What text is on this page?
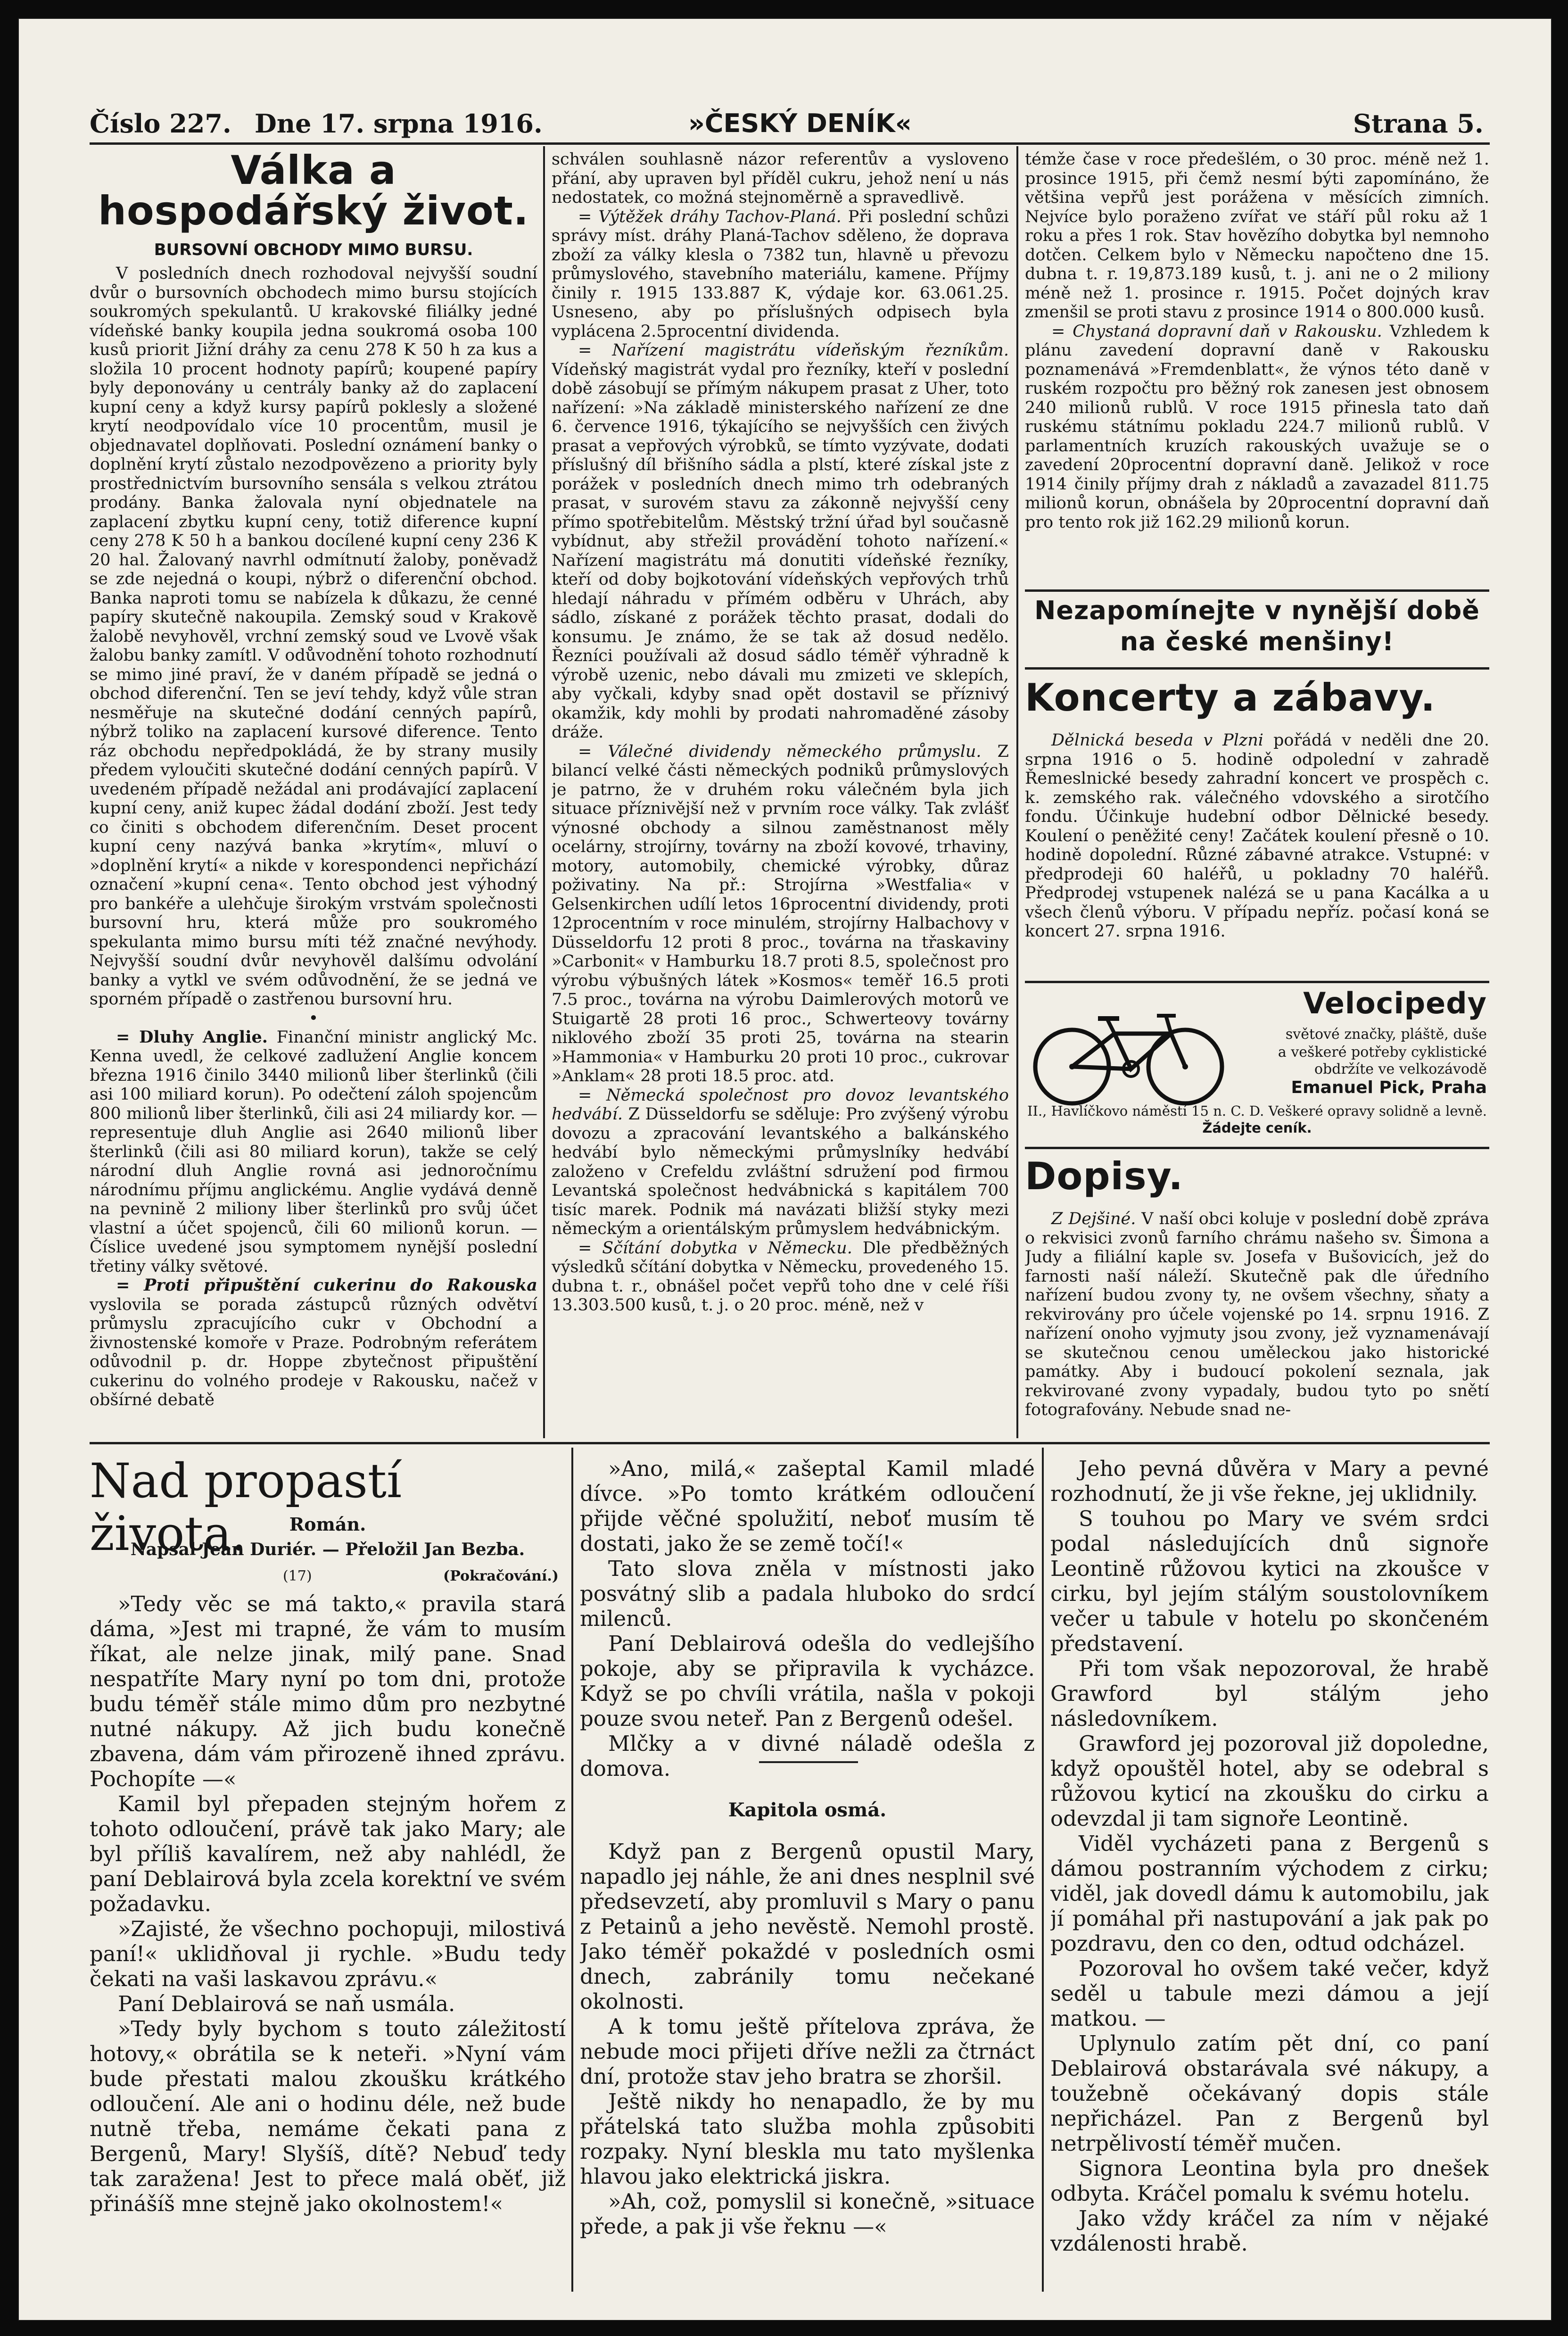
Číslo 227. Dne 17. srpna 1916.	»ČESKÝ DENÍK«	Strana 5.
Válka a hospodářský život.
BURSOVNÍ OBCHODY MIMO BURSU.

V posledních dnech rozhodoval nejvyšší soudní dvůr o bursovních obchodech mimo bursu stojících soukromých spekulantů. U krakovské filiálky jedné vídeňské banky koupila jedna soukromá osoba 100 kusů priorit Jižní dráhy za cenu 278 K 50 h za kus a složila 10 procent hodnoty papírů; koupené papíry byly deponovány u centrály banky až do zaplacení kupní ceny a když kursy papírů poklesly a složené krytí neodpovídalo více 10 procentům, musil je objednavatel doplňovati. Poslední oznámení banky o doplnění krytí zůstalo nezodpovězeno a priority byly prostřednictvím bursovního sensála s velkou ztrátou prodány. Banka žalovala nyní objednatele na zaplacení zbytku kupní ceny, totiž diference kupní ceny 278 K 50 h a bankou docílené kupní ceny 236 K 20 hal. Žalovaný navrhl odmítnutí žaloby, poněvadž se zde nejedná o koupi, nýbrž o diferenční obchod. Banka naproti tomu se nabízela k důkazu, že cenné papíry skutečně nakoupila. Zemský soud v Krakově žalobě nevyhověl, vrchní zemský soud ve Lvově však žalobu banky zamítl. V odůvodnění tohoto rozhodnutí se mimo jiné praví, že v daném případě se jedná o obchod diferenční. Ten se jeví tehdy, když vůle stran nesměřuje na skutečné dodání cenných papírů, nýbrž toliko na zaplacení kursové diference. Tento ráz obchodu nepředpokládá, že by strany musily předem vyloučiti skutečné dodání cenných papírů. V uvedeném případě nežádal ani prodávající zaplacení kupní ceny, aniž kupec žádal dodání zboží. Jest tedy co činiti s obchodem diferenčním. Deset procent kupní ceny nazývá banka »krytím«, mluví o »doplnění krytí« a nikde v korespondenci nepřichází označení »kupní cena«. Tento obchod jest výhodný pro bankéře a ulehčuje širokým vrstvám společnosti bursovní hru, která může pro soukromého spekulanta mimo bursu míti též značné nevýhody. Nejvyšší soudní dvůr nevyhověl dalšímu odvolání banky a vytkl ve svém odůvodnění, že se jedná ve sporném případě o zastřenou bursovní hru.

•

= Dluhy Anglie. Finanční ministr anglický Mc. Kenna uvedl, že celkové zadlužení Anglie koncem března 1916 činilo 3440 milionů liber šterlinků (čili asi 100 miliard korun). Po odečtení záloh spojencům 800 milionů liber šterlinků, čili asi 24 miliardy kor. — representuje dluh Anglie asi 2640 milionů liber šterlinků (čili asi 80 miliard korun), takže se celý národní dluh Anglie rovná asi jednoročnímu národnímu příjmu anglickému. Anglie vydává denně na pevnině 2 miliony liber šterlinků pro svůj účet vlastní a účet spojenců, čili 60 milionů korun. — Číslice uvedené jsou symptomem nynější poslední třetiny války světové.

= Proti připuštění cukerinu do Rakouska vyslovila se porada zástupců různých odvětví průmyslu zpracujícího cukr v Obchodní a živnostenské komoře v Praze. Podrobným referátem odůvodnil p. dr. Hoppe zbytečnost připuštění cukerinu do volného prodeje v Rakousku, načež v obšírné debatě

schválen souhlasně názor referentův a vysloveno přání, aby upraven byl příděl cukru, jehož není u nás nedostatek, co možná stejnoměrně a spravedlivě.

= Výtěžek dráhy Tachov-Planá. Při poslední schůzi správy míst. dráhy Planá-Tachov sděleno, že doprava zboží za války klesla o 7382 tun, hlavně u převozu průmyslového, stavebního materiálu, kamene. Příjmy činily r. 1915 133.887 K, výdaje kor. 63.061.25. Usneseno, aby po příslušných odpisech byla vyplácena 2.5procentní dividenda.

= Nařízení magistrátu vídeňským řezníkům. Vídeňský magistrát vydal pro řezníky, kteří v poslední době zásobují se přímým nákupem prasat z Uher, toto nařízení: »Na základě ministerského nařízení ze dne 6. července 1916, týkajícího se nejvyšších cen živých prasat a vepřových výrobků, se tímto vyzývate, dodati příslušný díl břišního sádla a plstí, které získal jste z porážek v posledních dnech mimo trh odebraných prasat, v surovém stavu za zákonně nejvyšší ceny přímo spotřebitelům. Městský tržní úřad byl současně vybídnut, aby střežil provádění tohoto nařízení.« Nařízení magistrátu má donutiti vídeňské řezníky, kteří od doby bojkotování vídeňských vepřových trhů hledají náhradu v přímém odběru v Uhrách, aby sádlo, získané z porážek těchto prasat, dodali do konsumu. Je známo, že se tak až dosud nedělo. Řezníci používali až dosud sádlo téměř výhradně k výrobě uzenic, nebo dávali mu zmizeti ve sklepích, aby vyčkali, kdyby snad opět dostavil se příznivý okamžik, kdy mohli by prodati nahromaděné zásoby dráže.

= Válečné dividendy německého průmyslu. Z bilancí velké části německých podniků průmyslových je patrno, že v druhém roku válečném byla jich situace příznivější než v prvním roce války. Tak zvlášť výnosné obchody a silnou zaměstnanost měly ocelárny, strojírny, továrny na zboží kovové, trhaviny, motory, automobily, chemické výrobky, důraz poživatiny. Na př.: Strojírna »Westfalia« v Gelsenkirchen udílí letos 16procentní dividendy, proti 12procentním v roce minulém, strojírny Halbachovy v Düsseldorfu 12 proti 8 proc., továrna na třaskaviny »Carbonit« v Hamburku 18.7 proti 8.5, společnost pro výrobu výbušných látek »Kosmos« teměř 16.5 proti 7.5 proc., továrna na výrobu Daimlerových motorů ve Stuigartě 28 proti 16 proc., Schwerteovy továrny niklového zboží 35 proti 25, továrna na stearin »Hammonia« v Hamburku 20 proti 10 proc., cukrovar »Anklam« 28 proti 18.5 proc. atd.

= Německá společnost pro dovoz levantského hedvábí. Z Düsseldorfu se sděluje: Pro zvýšený výrobu dovozu a zpracování levantského a balkánského hedvábí bylo německými průmyslníky hedvábí založeno v Crefeldu zvláštní sdružení pod firmou Levantská společnost hedvábnická s kapitálem 700 tisíc marek. Podnik má navázati bližší styky mezi německým a orientálským průmyslem hedvábnickým.

= Sčítání dobytka v Německu. Dle předběžných výsledků sčítání dobytka v Německu, provedeného 15. dubna t. r., obnášel počet vepřů toho dne v celé říši 13.303.500 kusů, t. j. o 20 proc. méně, než v

témže čase v roce předešlém, o 30 proc. méně než 1. prosince 1915, při čemž nesmí býti zapomínáno, že většina vepřů jest porážena v měsících zimních. Nejvíce bylo poraženo zvířat ve stáří půl roku až 1 roku a přes 1 rok. Stav hovězího dobytka byl nemnoho dotčen. Celkem bylo v Německu napočteno dne 15. dubna t. r. 19,873.189 kusů, t. j. ani ne o 2 miliony méně než 1. prosince r. 1915. Počet dojných krav zmenšil se proti stavu z prosince 1914 o 800.000 kusů.

= Chystaná dopravní daň v Rakousku. Vzhledem k plánu zavedení dopravní daně v Rakousku poznamenává »Fremdenblatt«, že výnos této daně v ruském rozpočtu pro běžný rok zanesen jest obnosem 240 milionů rublů. V roce 1915 přinesla tato daň ruskému státnímu pokladu 224.7 milionů rublů. V parlamentních kruzích rakouských uvažuje se o zavedení 20procentní dopravní daně. Jelikož v roce 1914 činily příjmy drah z nákladů a zavazadel 811.75 milionů korun, obnášela by 20procentní dopravní daň pro tento rok již 162.29 milionů korun.

Nezapomínejte v nynější době na české menšiny!
Koncerty a zábavy.

Dělnická beseda v Plzni pořádá v neděli dne 20. srpna 1916 o 5. hodině odpolední v zahradě Řemeslnické besedy zahradní koncert ve prospěch c. k. zemského rak. válečného vdovského a sirotčího fondu. Účinkuje hudební odbor Dělnické besedy. Koulení o peněžité ceny! Začátek koulení přesně o 10. hodině dopolední. Různé zábavné atrakce. Vstupné: v předprodeji 60 haléřů, u pokladny 70 haléřů. Předprodej vstupenek nalézá se u pana Kacálka a u všech členů výboru. V případu nepříz. počasí koná se koncert 27. srpna 1916.

Velocipedy
světové značky, pláště, duše
a veškeré potřeby cyklistické obdržíte ve velkozávodě
Emanuel Pick, Praha
II., Havlíčkovo náměstí 15 n. C. D. Veškeré opravy solidně a levně. Žádejte ceník.
Dopisy.

Z Dejšiné. V naší obci koluje v poslední době zpráva o rekvisici zvonů farního chrámu našeho sv. Šimona a Judy a filiální kaple sv. Josefa v Bušovicích, jež do farnosti naší náleží. Skutečně pak dle úředního nařízení budou zvony ty, ne ovšem všechny, sňaty a rekvirovány pro účele vojenské po 14. srpnu 1916. Z nařízení onoho vyjmuty jsou zvony, jež vyznamenávají se skutečnou cenou uměleckou jako historické památky. Aby i budoucí pokolení seznala, jak rekvirované zvony vypadaly, budou tyto po snětí fotografovány. Nebude snad ne-

Nad propastí života.	Román.
Napsal Jean Duriér. — Přeložil Jan Bezba.
(17)	(Pokračování.)

»Tedy věc se má takto,« pravila stará dáma, »Jest mi trapné, že vám to musím říkat, ale nelze jinak, milý pane. Snad nespatříte Mary nyní po tom dni, protože budu téměř stále mimo dům pro nezbytné nutné nákupy. Až jich budu konečně zbavena, dám vám přirozeně ihned zprávu. Pochopíte —«

Kamil byl přepaden stejným hořem z tohoto odloučení, právě tak jako Mary; ale byl příliš kavalírem, než aby nahlédl, že paní Deblairová byla zcela korektní ve svém požadavku.

»Zajisté, že všechno pochopuji, milostivá paní!« uklidňoval ji rychle. »Budu tedy čekati na vaši laskavou zprávu.«

Paní Deblairová se naň usmála.

»Tedy byly bychom s touto záležitostí hotovy,« obrátila se k neteři. »Nyní vám bude přestati malou zkoušku krátkého odloučení. Ale ani o hodinu déle, než bude nutně třeba, nemáme čekati pana z Bergenů, Mary! Slyšíš, dítě? Nebuď tedy tak zaražena! Jest to přece malá oběť, již přinášíš mne stejně jako okolnostem!«

»Ano, milá,« zašeptal Kamil mladé dívce. »Po tomto krátkém odloučení přijde věčné spolužití, neboť musím tě dostati, jako že se země točí!«

Tato slova zněla v místnosti jako posvátný slib a padala hluboko do srdcí milenců.

Paní Deblairová odešla do vedlejšího pokoje, aby se připravila k vycházce. Když se po chvíli vrátila, našla v pokoji pouze svou neteř. Pan z Bergenů odešel.

Mlčky a v divné náladě odešla z domova.

Kapitola osmá.

Když pan z Bergenů opustil Mary, napadlo jej náhle, že ani dnes nesplnil své předsevzetí, aby promluvil s Mary o panu z Petainů a jeho nevěstě. Nemohl prostě. Jako téměř pokaždé v posledních osmi dnech, zabránily tomu nečekané okolnosti.

A k tomu ještě přítelova zpráva, že nebude moci přijeti dříve nežli za čtrnáct dní, protože stav jeho bratra se zhoršil.

Ještě nikdy ho nenapadlo, že by mu přátelská tato služba mohla způsobiti rozpaky. Nyní bleskla mu tato myšlenka hlavou jako elektrická jiskra.

»Ah, což, pomyslil si konečně, »situace přede, a pak ji vše řeknu —«

Jeho pevná důvěra v Mary a pevné rozhodnutí, že ji vše řekne, jej uklidnily.

S touhou po Mary ve svém srdci podal následujících dnů signoře Leontině růžovou kytici na zkoušce v cirku, byl jejím stálým soustolovníkem večer u tabule v hotelu po skončeném představení.

Při tom však nepozoroval, že hrabě Grawford byl stálým jeho následovníkem.

Grawford jej pozoroval již dopoledne, když opouštěl hotel, aby se odebral s růžovou kyticí na zkoušku do cirku a odevzdal ji tam signoře Leontině.

Viděl vycházeti pana z Bergenů s dámou postranním východem z cirku; viděl, jak dovedl dámu k automobilu, jak jí pomáhal při nastupování a jak pak po pozdravu, den co den, odtud odcházel.

Pozoroval ho ovšem také večer, když seděl u tabule mezi dámou a její matkou. —

Uplynulo zatím pět dní, co paní Deblairová obstarávala své nákupy, a toužebně očekávaný dopis stále nepřicházel. Pan z Bergenů byl netrpělivostí téměř mučen.

Signora Leontina byla pro dnešek odbyta. Kráčel pomalu k svému hotelu.

Jako vždy kráčel za ním v nějaké vzdálenosti hrabě.
